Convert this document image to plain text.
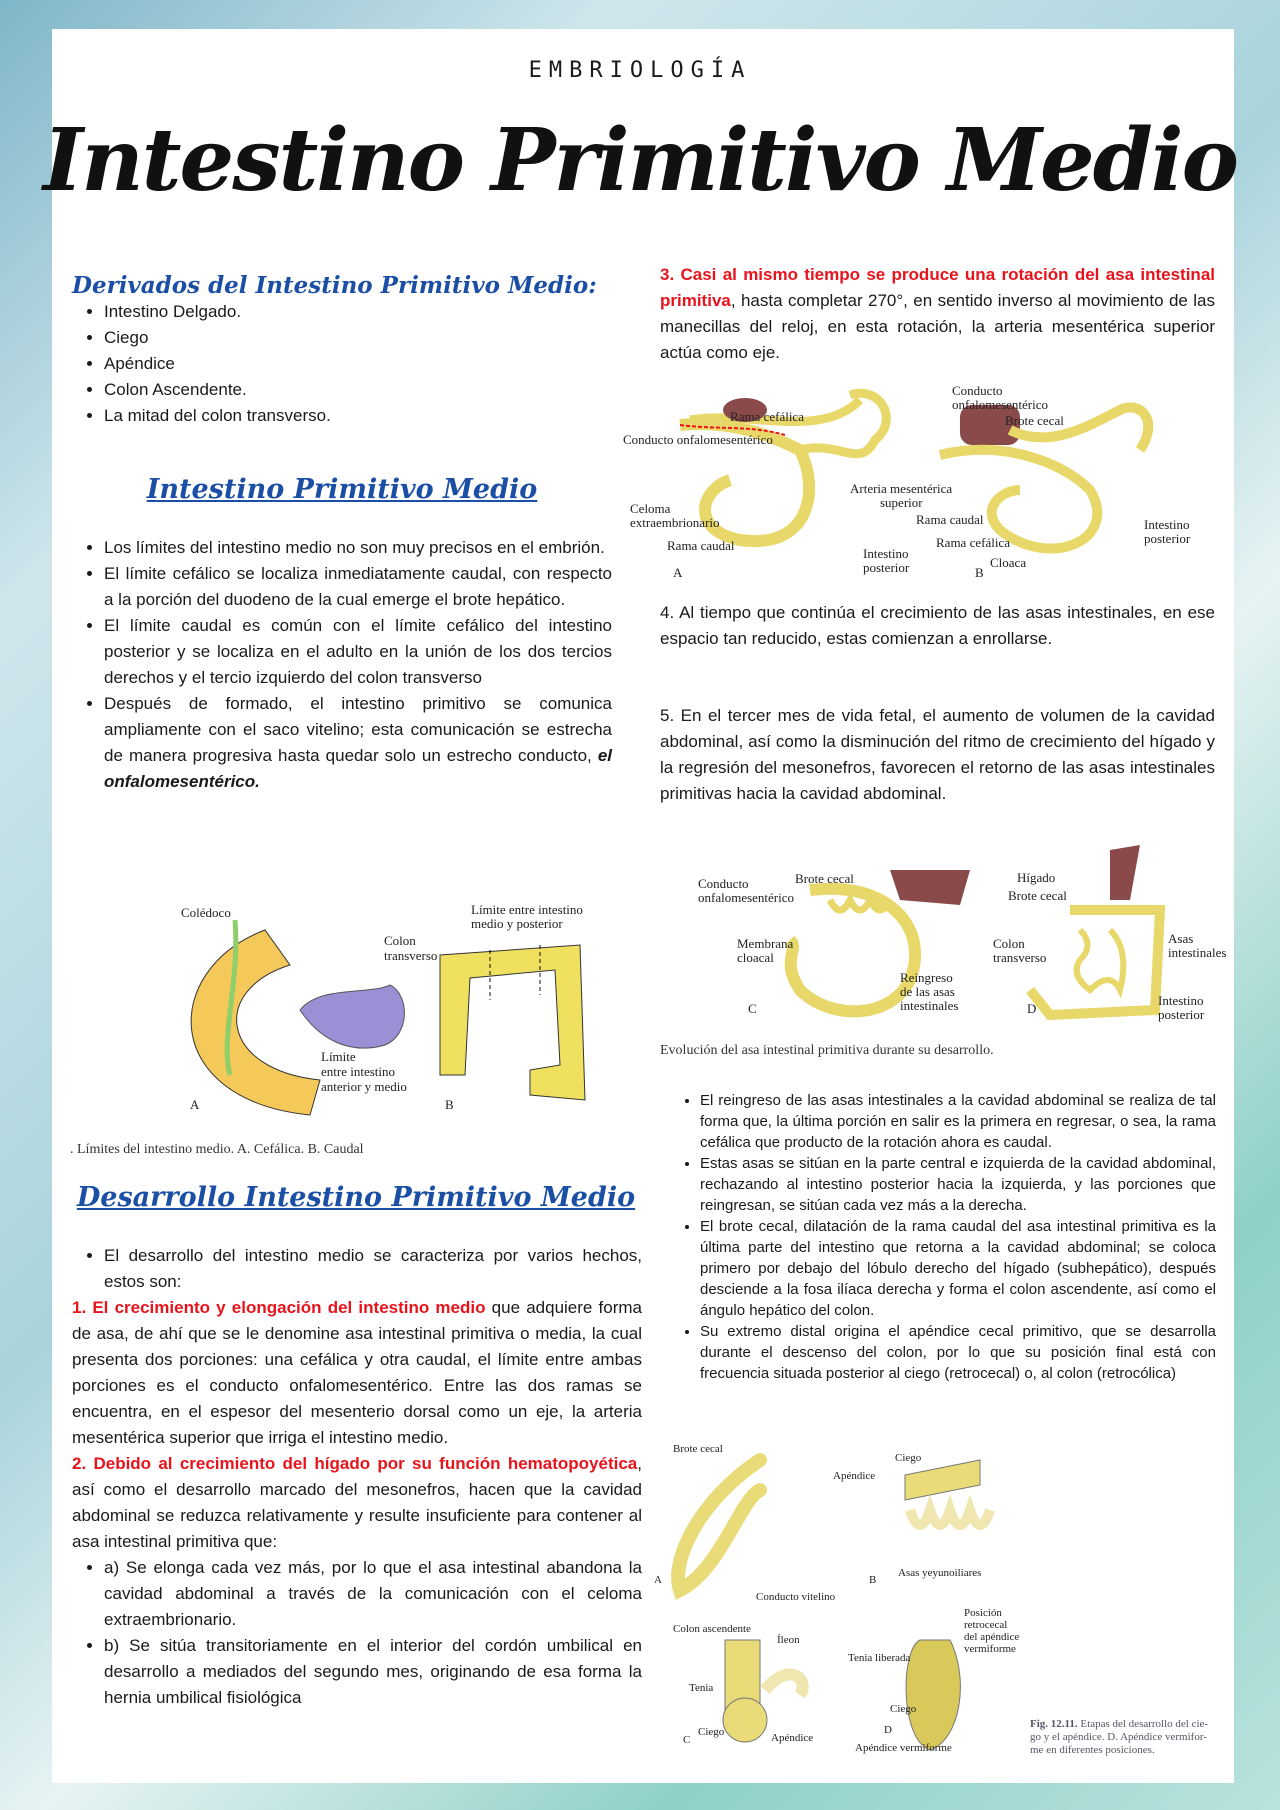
EMBRIOLOGÍA
Intestino Primitivo Medio
Derivados del Intestino Primitivo Medio:
• Intestino Delgado.
• Ciego
• Apéndice
• Colon Ascendente.
• La mitad del colon transverso.
Intestino Primitivo Medio
• Los límites del intestino medio no son muy precisos en el embrión.
• El límite cefálico se localiza inmediatamente caudal, con respecto a la porción del duodeno de la cual emerge el brote hepático.
• El límite caudal es común con el límite cefálico del intestino posterior y se localiza en el adulto en la unión de los dos tercios derechos y el tercio izquierdo del colon transverso
• Después de formado, el intestino primitivo se comunica ampliamente con el saco vitelino; esta comunicación se estrecha de manera progresiva hasta quedar solo un estrecho conducto, el onfalomesentérico.
Colédoco	Límite entre intestino
medio y posterior
Colon
transverso
Límite
entre intestino
anterior y medio
A	B
. Límites del intestino medio. A. Cefálica. B. Caudal
Desarrollo Intestino Primitivo Medio
• El desarrollo del intestino medio se caracteriza por varios hechos, estos son:

1. El crecimiento y elongación del intestino medio que adquiere forma de asa, de ahí que se le denomine asa intestinal primitiva o media, la cual presenta dos porciones: una cefálica y otra caudal, el límite entre ambas porciones es el conducto onfalomesentérico. Entre las dos ramas se encuentra, en el espesor del mesenterio dorsal como un eje, la arteria mesentérica superior que irriga el intestino medio.

2. Debido al crecimiento del hígado por su función hematopoyética, así como el desarrollo marcado del mesonefros, hacen que la cavidad abdominal se reduzca relativamente y resulte insuficiente para contener al asa intestinal primitiva que:

• a) Se elonga cada vez más, por lo que el asa intestinal abandona la cavidad abdominal a través de la comunicación con el celoma extraembrionario.
• b) Se sitúa transitoriamente en el interior del cordón umbilical en desarrollo a mediados del segundo mes, originando de esa forma la hernia umbilical fisiológica

3. Casi al mismo tiempo se produce una rotación del asa intestinal primitiva, hasta completar 270°, en sentido inverso al movimiento de las manecillas del reloj, en esta rotación, la arteria mesentérica superior actúa como eje.

Rama cefálica
Conducto onfalomesentérico
Celoma
extraembrionario
Rama caudal
Arteria mesentérica
superior
Intestino
posterior
A
Conducto
onfalomesentérico
Brote cecal
Rama caudal
Rama cefálica
Cloaca
Intestino
posterior
B

4. Al tiempo que continúa el crecimiento de las asas intestinales, en ese espacio tan reducido, estas comienzan a enrollarse.

5. En el tercer mes de vida fetal, el aumento de volumen de la cavidad abdominal, así como la disminución del ritmo de crecimiento del hígado y la regresión del mesonefros, favorecen el retorno de las asas intestinales primitivas hacia la cavidad abdominal.

Conducto
onfalomesentérico
Brote cecal
Membrana
cloacal
Reingreso
de las asas
intestinales
C
Hígado
Brote cecal
Colon
transverso
Asas
intestinales
Intestino
posterior
D
Evolución del asa intestinal primitiva durante su desarrollo.
• El reingreso de las asas intestinales a la cavidad abdominal se realiza de tal forma que, la última porción en salir es la primera en regresar, o sea, la rama cefálica que producto de la rotación ahora es caudal.
• Estas asas se sitúan en la parte central e izquierda de la cavidad abdominal, rechazando al intestino posterior hacia la izquierda, y las porciones que reingresan, se sitúan cada vez más a la derecha.
• El brote cecal, dilatación de la rama caudal del asa intestinal primitiva es la última parte del intestino que retorna a la cavidad abdominal; se coloca primero por debajo del lóbulo derecho del hígado (subhepático), después desciende a la fosa ilíaca derecha y forma el colon ascendente, así como el ángulo hepático del colon.
• Su extremo distal origina el apéndice cecal primitivo, que se desarrolla durante el descenso del colon, por lo que su posición final está con frecuencia situada posterior al ciego (retrocecal) o, al colon (retrocólica)
Brote cecal
A
Conducto vitelino
Apéndice
Ciego
B
Asas yeyunoiliares
Colon ascendente
Íleon
Tenia
Ciego
C	Apéndice
Posición
retrocecal
del apéndice
vermiforme
Tenia liberada
Ciego
D
Apéndice vermiforme
Fig. 12.11. Etapas del desarrollo del cie-go y el apéndice. D. Apéndice vermifor-me en diferentes posiciones.
